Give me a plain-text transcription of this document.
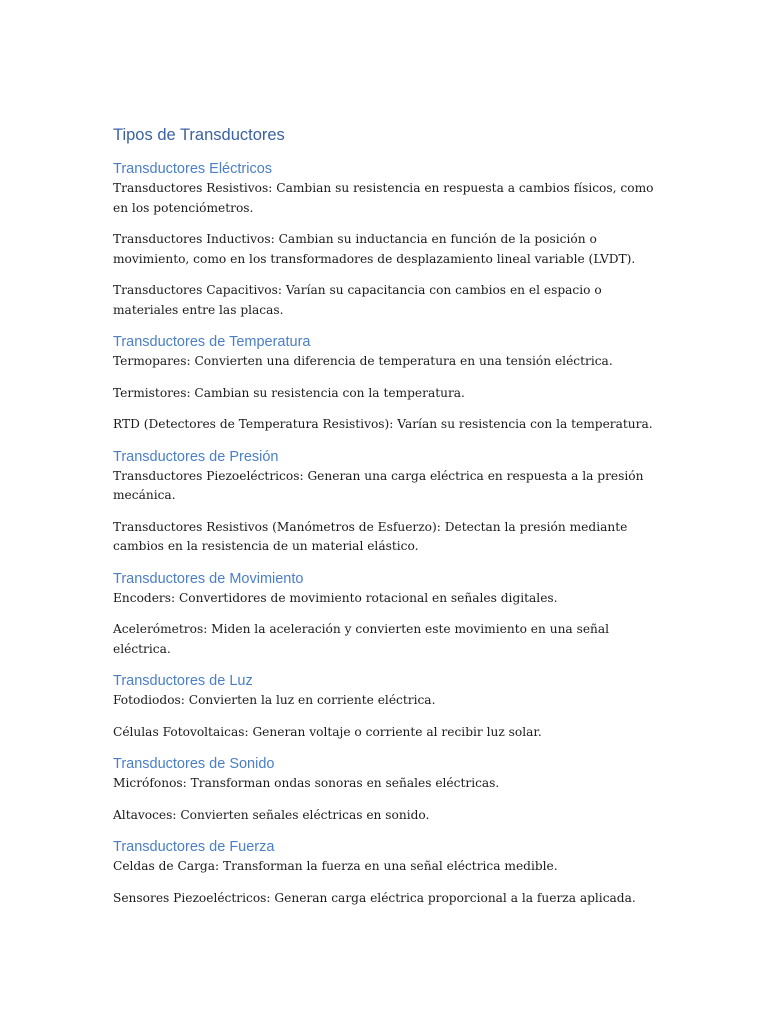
Tipos de Transductores
Transductores Eléctricos

Transductores Resistivos: Cambian su resistencia en respuesta a cambios físicos, como en los potenciómetros.

Transductores Inductivos: Cambian su inductancia en función de la posición o movimiento, como en los transformadores de desplazamiento lineal variable (LVDT).

Transductores Capacitivos: Varían su capacitancia con cambios en el espacio o materiales entre las placas.

Transductores de Temperatura

Termopares: Convierten una diferencia de temperatura en una tensión eléctrica.

Termistores: Cambian su resistencia con la temperatura.

RTD (Detectores de Temperatura Resistivos): Varían su resistencia con la temperatura.

Transductores de Presión

Transductores Piezoeléctricos: Generan una carga eléctrica en respuesta a la presión mecánica.

Transductores Resistivos (Manómetros de Esfuerzo): Detectan la presión mediante cambios en la resistencia de un material elástico.

Transductores de Movimiento

Encoders: Convertidores de movimiento rotacional en señales digitales.

Acelerómetros: Miden la aceleración y convierten este movimiento en una señal eléctrica.

Transductores de Luz

Fotodiodos: Convierten la luz en corriente eléctrica.

Células Fotovoltaicas: Generan voltaje o corriente al recibir luz solar.

Transductores de Sonido

Micrófonos: Transforman ondas sonoras en señales eléctricas.

Altavoces: Convierten señales eléctricas en sonido.

Transductores de Fuerza

Celdas de Carga: Transforman la fuerza en una señal eléctrica medible.

Sensores Piezoeléctricos: Generan carga eléctrica proporcional a la fuerza aplicada.
